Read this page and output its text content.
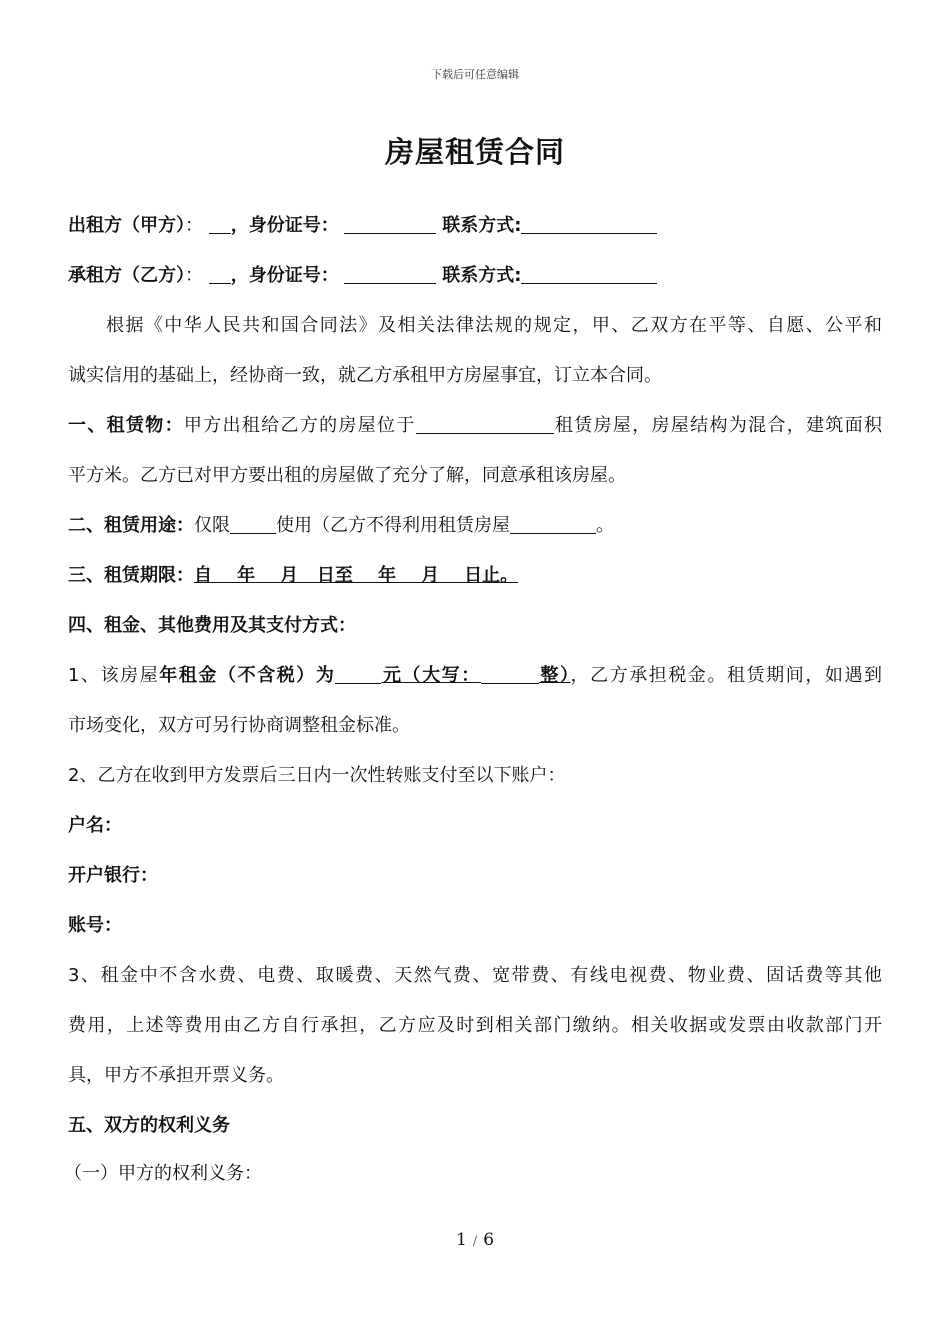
下载后可任意编辑
房屋租赁合同
出租方（甲方）： ，身份证号：	联系方式:
承租方（乙方）： ，身份证号：	联系方式:
根据《中华人民共和国合同法》及相关法律法规的规定，甲、乙双方在平等、自愿、公平和
诚实信用的基础上，经协商一致，就乙方承租甲方房屋事宜，订立本合同。
一、租赁物：甲方出租给乙方的房屋位于	租赁房屋，房屋结构为混合，建筑面积
平方米。乙方已对甲方要出租的房屋做了充分了解，同意承租该房屋。
二、租赁用途：仅限	使用（乙方不得利用租赁房屋	。
三、租赁期限：自    年    月   日至    年    月    日止。
四、租金、其他费用及其支付方式：
1、该房屋年租金（不含税）为	元（大写：	整），乙方承担税金。租赁期间，如遇到
市场变化，双方可另行协商调整租金标准。
2、乙方在收到甲方发票后三日内一次性转账支付至以下账户：
户名：
开户银行：
账号：
3、租金中不含水费、电费、取暖费、天然气费、宽带费、有线电视费、物业费、固话费等其他
费用，上述等费用由乙方自行承担，乙方应及时到相关部门缴纳。相关收据或发票由收款部门开
具，甲方不承担开票义务。
五、双方的权利义务
（一）甲方的权利义务：
1 / 6
